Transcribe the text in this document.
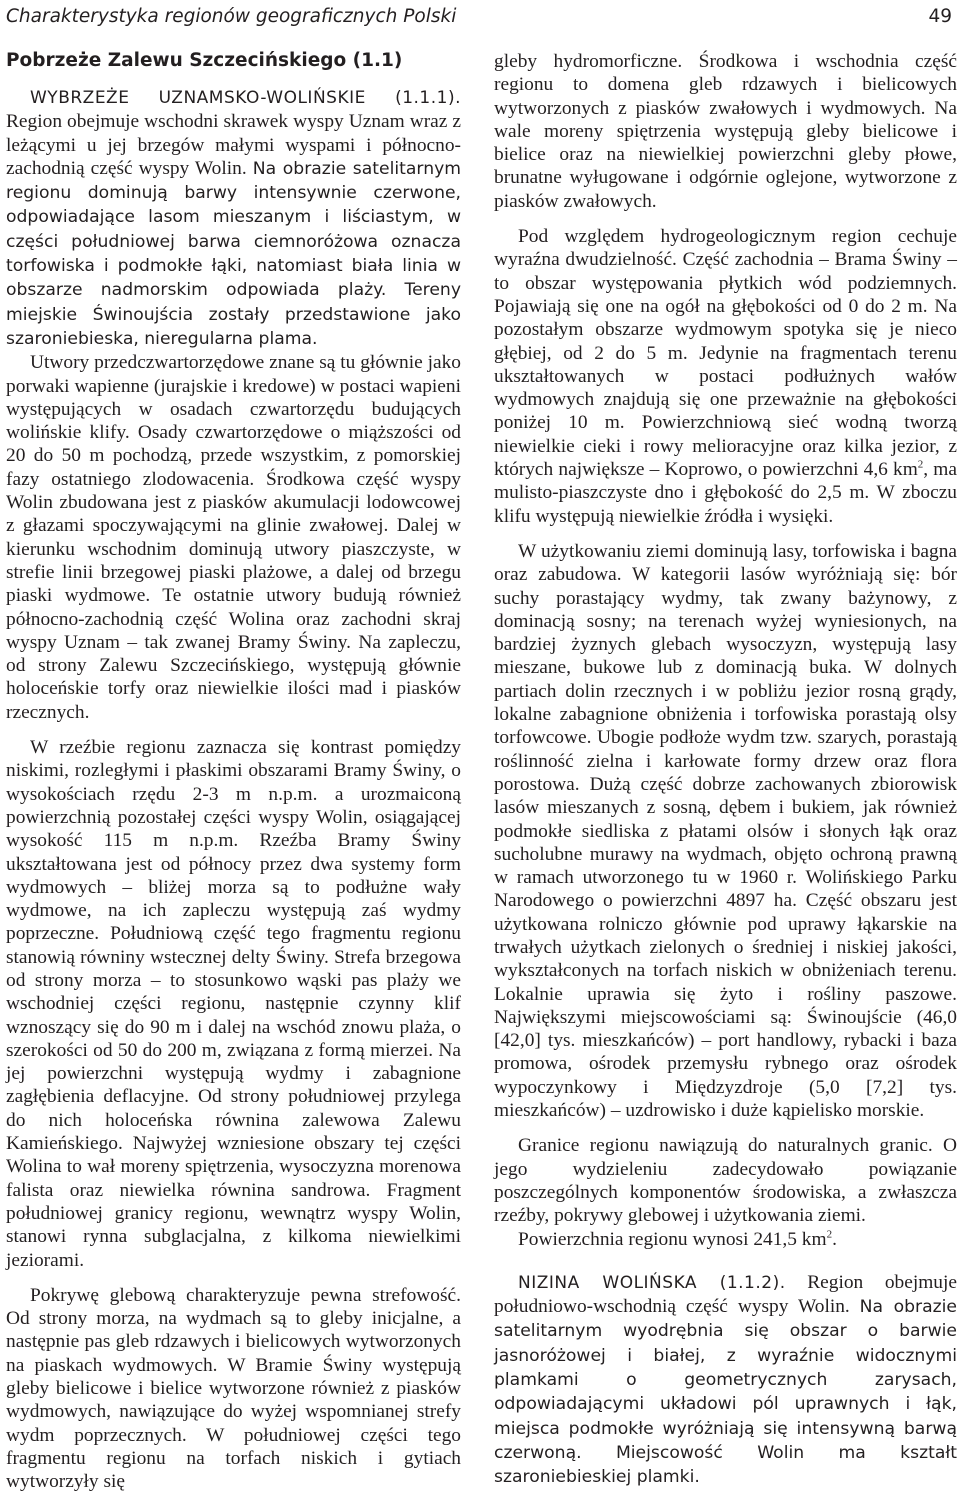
Charakterystyka regionów geograficznych Polski	49
Pobrzeże Zalewu Szczecińskiego (1.1)

WYBRZEŻE UZNAMSKO-WOLIŃSKIE (1.1.1). Region obejmuje wschodni skrawek wyspy Uznam wraz z leżącymi u jej brzegów małymi wyspami i północno-zachodnią część wyspy Wolin. Na obrazie satelitarnym regionu dominują barwy intensywnie czerwone, odpowiadające lasom mieszanym i liściastym, w części południowej barwa ciemnoróżowa oznacza torfowiska i podmokłe łąki, natomiast biała linia w obszarze nadmorskim odpowiada plaży. Tereny miejskie Świnoujścia zostały przedstawione jako szaroniebieska, nieregularna plama.

Utwory przedczwartorzędowe znane są tu głównie jako porwaki wapienne (jurajskie i kredowe) w postaci wapieni występujących w osadach czwartorzędu budujących wolińskie klify. Osady czwartorzędowe o miąższości od 20 do 50 m pochodzą, przede wszystkim, z pomorskiej fazy ostatniego zlodowacenia. Środkowa część wyspy Wolin zbudowana jest z piasków akumulacji lodowcowej z głazami spoczywającymi na glinie zwałowej. Dalej w kierunku wschodnim dominują utwory piaszczyste, w strefie linii brzegowej piaski plażowe, a dalej od brzegu piaski wydmowe. Te ostatnie utwory budują również północno-zachodnią część Wolina oraz zachodni skraj wyspy Uznam – tak zwanej Bramy Świny. Na zapleczu, od strony Zalewu Szczecińskiego, występują głównie holoceńskie torfy oraz niewielkie ilości mad i piasków rzecznych.

W rzeźbie regionu zaznacza się kontrast pomiędzy niskimi, rozległymi i płaskimi obszarami Bramy Świny, o wysokościach rzędu 2-3 m n.p.m. a urozmaiconą powierzchnią pozostałej części wyspy Wolin, osiągającej wysokość 115 m n.p.m. Rzeźba Bramy Świny ukształtowana jest od północy przez dwa systemy form wydmowych – bliżej morza są to podłużne wały wydmowe, na ich zapleczu występują zaś wydmy poprzeczne. Południową część tego fragmentu regionu stanowią równiny wstecznej delty Świny. Strefa brzegowa od strony morza – to stosunkowo wąski pas plaży we wschodniej części regionu, następnie czynny klif wznoszący się do 90 m i dalej na wschód znowu plaża, o szerokości od 50 do 200 m, związana z formą mierzei. Na jej powierzchni występują wydmy i zabagnione zagłębienia deflacyjne. Od strony południowej przylega do nich holoceńska równina zalewowa Zalewu Kamieńskiego. Najwyżej wzniesione obszary tej części Wolina to wał moreny spiętrzenia, wysoczyzna morenowa falista oraz niewielka równina sandrowa. Fragment południowej granicy regionu, wewnątrz wyspy Wolin, stanowi rynna subglacjalna, z kilkoma niewielkimi jeziorami.

Pokrywę glebową charakteryzuje pewna strefowość. Od strony morza, na wydmach są to gleby inicjalne, a następnie pas gleb rdzawych i bielicowych wytworzonych na piaskach wydmowych. W Bramie Świny występują gleby bielicowe i bielice wytworzone również z piasków wydmowych, nawiązujące do wyżej wspomnianej strefy wydm poprzecznych. W południowej części tego fragmentu regionu na torfach niskich i gytiach wytworzyły się

gleby hydromorficzne. Środkowa i wschodnia część regionu to domena gleb rdzawych i bielicowych wytworzonych z piasków zwałowych i wydmowych. Na wale moreny spiętrzenia występują gleby bielicowe i bielice oraz na niewielkiej powierzchni gleby płowe, brunatne wyługowane i odgórnie oglejone, wytworzone z piasków zwałowych.

Pod względem hydrogeologicznym region cechuje wyraźna dwudzielność. Część zachodnia – Brama Świny – to obszar występowania płytkich wód podziemnych. Pojawiają się one na ogół na głębokości od 0 do 2 m. Na pozostałym obszarze wydmowym spotyka się je nieco głębiej, od 2 do 5 m. Jedynie na fragmentach terenu ukształtowanych w postaci podłużnych wałów wydmowych znajdują się one przeważnie na głębokości poniżej 10 m. Powierzchniową sieć wodną tworzą niewielkie cieki i rowy melioracyjne oraz kilka jezior, z których największe – Koprowo, o powierzchni 4,6 $km^2$, ma mulisto-piaszczyste dno i głębokość do 2,5 m. W zboczu klifu występują niewielkie źródła i wysięki.

W użytkowaniu ziemi dominują lasy, torfowiska i bagna oraz zabudowa. W kategorii lasów wyróżniają się: bór suchy porastający wydmy, tak zwany bażynowy, z dominacją sosny; na terenach wyżej wyniesionych, na bardziej żyznych glebach wysoczyzn, występują lasy mieszane, bukowe lub z dominacją buka. W dolnych partiach dolin rzecznych i w pobliżu jezior rosną grądy, lokalne zabagnione obniżenia i torfowiska porastają olsy torfowcowe. Ubogie podłoże wydm tzw. szarych, porastają roślinność zielna i karłowate formy drzew oraz flora porostowa. Dużą część dobrze zachowanych zbiorowisk lasów mieszanych z sosną, dębem i bukiem, jak również podmokłe siedliska z płatami olsów i słonych łąk oraz sucholubne murawy na wydmach, objęto ochroną prawną w ramach utworzonego tu w 1960 r. Wolińskiego Parku Narodowego o powierzchni 4897 ha. Część obszaru jest użytkowana rolniczo głównie pod uprawy łąkarskie na trwałych użytkach zielonych o średniej i niskiej jakości, wykształconych na torfach niskich w obniżeniach terenu. Lokalnie uprawia się żyto i rośliny paszowe. Największymi miejscowościami są: Świnoujście (46,0 [42,0] tys. mieszkańców) – port handlowy, rybacki i baza promowa, ośrodek przemysłu rybnego oraz ośrodek wypoczynkowy i Międzyzdroje (5,0 [7,2] tys. mieszkańców) – uzdrowisko i duże kąpielisko morskie.

Granice regionu nawiązują do naturalnych granic. O jego wydzieleniu zadecydowało powiązanie poszczególnych komponentów środowiska, a zwłaszcza rzeźby, pokrywy glebowej i użytkowania ziemi.

Powierzchnia regionu wynosi 241,5 $km^2$.

NIZINA WOLIŃSKA (1.1.2). Region obejmuje południowo-wschodnią część wyspy Wolin. Na obrazie satelitarnym wyodrębnia się obszar o barwie jasnoróżowej i białej, z wyraźnie widocznymi plamkami o geometrycznych zarysach, odpowiadającymi układowi pól uprawnych i łąk, miejsca podmokłe wyróżniają się intensywną barwą czerwoną. Miejscowość Wolin ma kształt szaroniebieskiej plamki.
